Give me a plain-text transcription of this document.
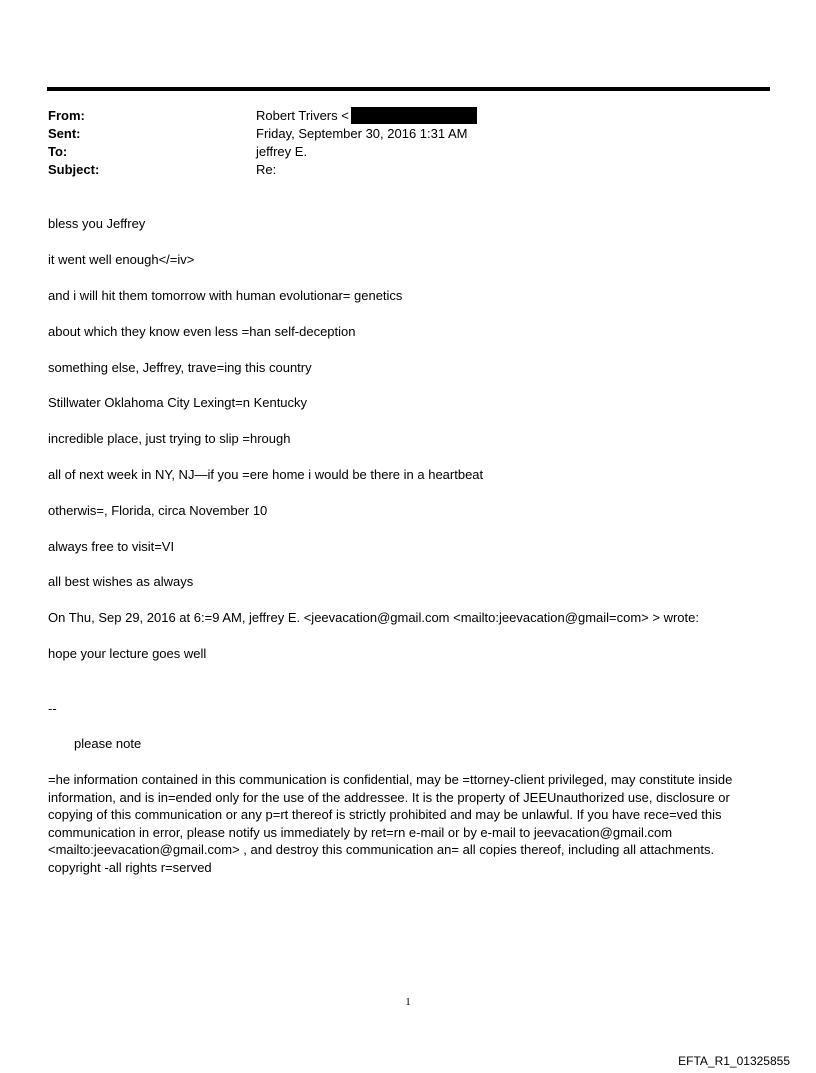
From:	Robert Trivers <
Sent:	Friday, September 30, 2016 1:31 AM
To:	jeffrey E.
Subject:	Re:
bless you Jeffrey
it went well enough</=iv>
and i will hit them tomorrow with human evolutionar= genetics
about which they know even less =han self-deception
something else, Jeffrey, trave=ing this country
Stillwater Oklahoma City Lexingt=n Kentucky
incredible place, just trying to slip =hrough
all of next week in NY, NJ—if you =ere home i would be there in a heartbeat
otherwis=, Florida, circa November 10
always free to visit=VI
all best wishes as always
On Thu, Sep 29, 2016 at 6:=9 AM, jeffrey E. <jeevacation@gmail.com <mailto:jeevacation@gmail=com> > wrote:
hope your lecture goes well
--
please note
=he information contained in this communication is confidential, may be =ttorney-client privileged, may constitute inside information, and is in=ended only for the use of the addressee. It is the property of JEEUnauthorized use, disclosure or copying of this communication or any p=rt thereof is strictly prohibited and may be unlawful. If you have rece=ved this communication in error, please notify us immediately by ret=rn e-mail or by e-mail to jeevacation@gmail.com <mailto:jeevacation@gmail.com> , and destroy this communication an= all copies thereof, including all attachments. copyright -all rights r=served
1
EFTA_R1_01325855
